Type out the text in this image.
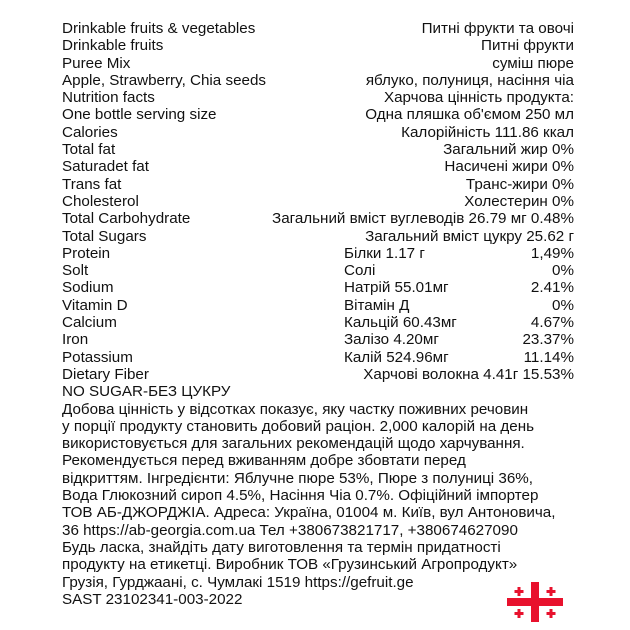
Drinkable fruits & vegetables	Питні фрукти та овочі
Drinkable fruits	Питні фрукти
Puree Mix	суміш пюре
Apple, Strawberry, Chia seeds	яблуко, полуниця, насіння чіа
Nutrition facts	Харчова цінність продукта:
One bottle serving size	Одна пляшка об'ємом 250 мл
Calories	Калорійність 111.86 ккал
Total fat	Загальний жир 0%
Saturadet fat	Насичені жири 0%
Trans fat	Транс-жири 0%
Cholesterol	Холестерин 0%
Total Carbohydrate	Загальний вміст вуглеводів 26.79 мг 0.48%
Total Sugars	Загальний вміст цукру 25.62 г
Protein	Білки 1.17 г	1,49%
Solt	Солі	0%
Sodium	Натрій 55.01мг	2.41%
Vitamin D	Вітамін Д	0%
Calcium	Кальцій 60.43мг	4.67%
Iron	Залізо 4.20мг	23.37%
Potassium	Калій 524.96мг	11.14%
Dietary Fiber	Харчові волокна 4.41г 15.53%
NO SUGAR-БЕЗ ЦУКРУ
Добова цінність у відсотках показує, яку частку поживних речовин
у порції продукту становить добовий раціон. 2,000 калорій на день
використовується для загальних рекомендацій щодо харчування.
Рекомендується перед вживанням добре збовтати перед
відкриттям. Інгредієнти: Яблучне пюре 53%, Пюре з полуниці 36%,
Вода Глюкозний сироп 4.5%, Насіння Чіа 0.7%. Офіційний імпортер
ТОВ АБ-ДЖОРДЖІА. Адреса: Україна, 01004 м. Київ, вул Антоновича,
36 https://ab-georgia.com.ua Тел +380673821717, +380674627090
Будь ласка, знайдіть дату виготовлення та термін придатності
продукту на етикетці. Виробник ТОВ «Грузинський Агропродукт»
Грузія, Гурджаані, с. Чумлакі 1519 https://gefruit.ge
SAST 23102341-003-2022
